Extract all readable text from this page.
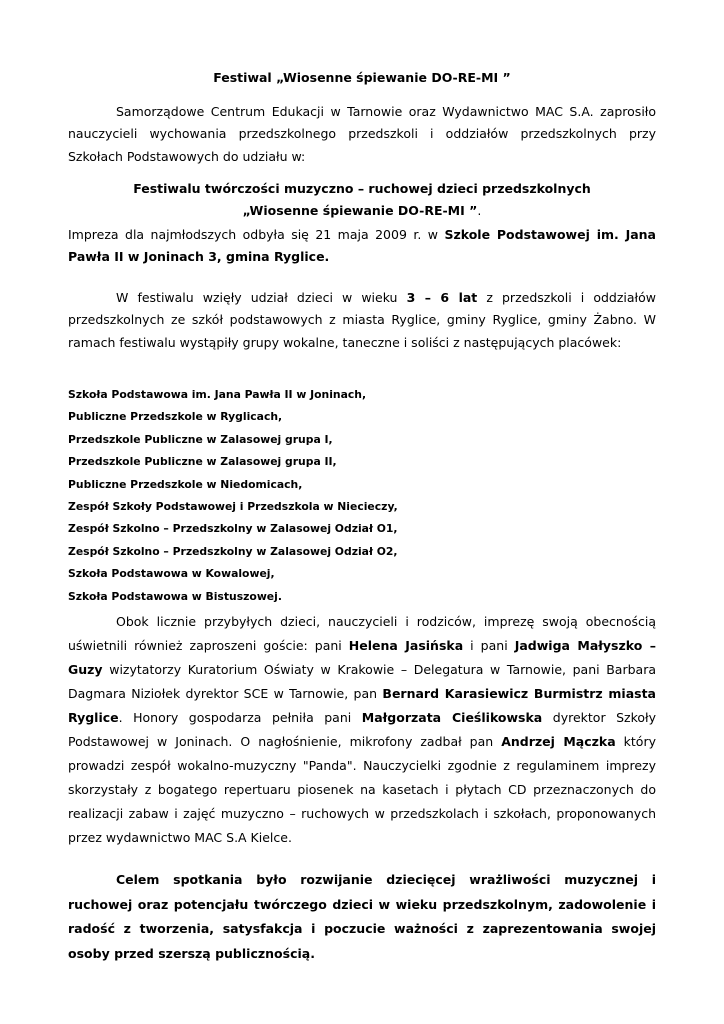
Festiwal „Wiosenne śpiewanie DO-RE-MI ”
Samorządowe Centrum Edukacji w Tarnowie oraz Wydawnictwo MAC S.A. zaprosiło nauczycieli wychowania przedszkolnego przedszkoli i oddziałów przedszkolnych przy Szkołach Podstawowych do udziału w:
Festiwalu twórczości muzyczno – ruchowej dzieci przedszkolnych
„Wiosenne śpiewanie DO-RE-MI ”.
Impreza dla najmłodszych odbyła się 21 maja 2009 r. w Szkole Podstawowej im. Jana Pawła II w Joninach 3, gmina Ryglice.
W festiwalu wzięły udział dzieci w wieku 3 – 6 lat z przedszkoli i oddziałów przedszkolnych ze szkół podstawowych z miasta Ryglice, gminy Ryglice, gminy Żabno. W ramach festiwalu wystąpiły grupy wokalne, taneczne i soliści z następujących placówek:
Szkoła Podstawowa im. Jana Pawła II w Joninach,
Publiczne Przedszkole w Ryglicach,
Przedszkole Publiczne w Zalasowej grupa I,
Przedszkole Publiczne w Zalasowej grupa II,
Publiczne Przedszkole w Niedomicach,
Zespół Szkoły Podstawowej i Przedszkola w Niecieczy,
Zespół Szkolno – Przedszkolny w Zalasowej Odział O1,
Zespół Szkolno – Przedszkolny w Zalasowej Odział O2,
Szkoła Podstawowa w Kowalowej,
Szkoła Podstawowa w Bistuszowej.
Obok licznie przybyłych dzieci, nauczycieli i rodziców, imprezę swoją obecnością uświetnili również zaproszeni goście: pani Helena Jasińska i pani Jadwiga Małyszko – Guzy wizytatorzy Kuratorium Oświaty w Krakowie – Delegatura w Tarnowie, pani Barbara Dagmara Niziołek dyrektor SCE w Tarnowie, pan Bernard Karasiewicz Burmistrz miasta Ryglice. Honory gospodarza pełniła pani Małgorzata Cieślikowska dyrektor Szkoły Podstawowej w Joninach. O nagłośnienie, mikrofony zadbał pan Andrzej Mączka który prowadzi zespół wokalno-muzyczny "Panda". Nauczycielki zgodnie z regulaminem imprezy skorzystały z bogatego repertuaru piosenek na kasetach i płytach CD przeznaczonych do realizacji zabaw i zajęć muzyczno – ruchowych w przedszkolach i szkołach, proponowanych przez wydawnictwo MAC S.A Kielce.
Celem spotkania było rozwijanie dziecięcej wrażliwości muzycznej i ruchowej oraz potencjału twórczego dzieci w wieku przedszkolnym, zadowolenie i radość z tworzenia, satysfakcja i poczucie ważności z zaprezentowania swojej osoby przed szerszą publicznością.
